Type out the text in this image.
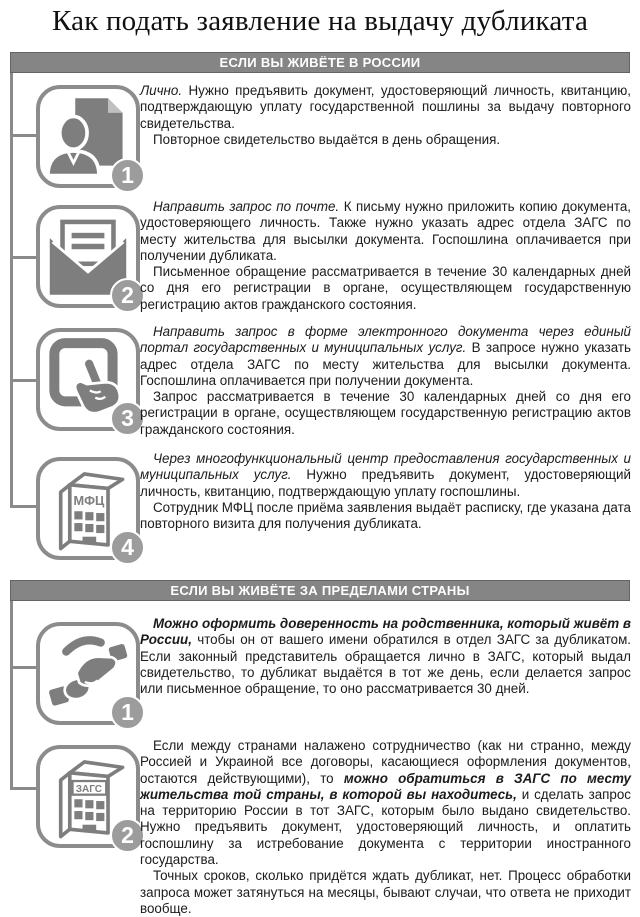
Как подать заявление на выдачу дубликата
ЕСЛИ ВЫ ЖИВЁТЕ В РОССИИ
1

Лично. Нужно предъявить документ, удостоверяющий личность, квитанцию, подтверждающую уплату государственной пошлины за выдачу повторного свидетельства.

Повторное свидетельство выдаётся в день обращения.

2

Направить запрос по почте. К письму нужно приложить копию документа, удостоверяющего личность. Также нужно указать адрес отдела ЗАГС по месту жительства для высылки документа. Госпошлина оплачивается при получении дубликата.

Письменное обращение рассматривается в течение 30 календарных дней со дня его регистрации в органе, осуществляющем государственную регистрацию актов гражданского состояния.

3

Направить запрос в форме электронного документа через единый портал государственных и муниципальных услуг. В запросе нужно указать адрес отдела ЗАГС по месту жительства для высылки документа. Госпошлина оплачивается при получении документа.

Запрос рассматривается в течение 30 календарных дней со дня его регистрации в органе, осуществляющем государственную регистрацию актов гражданского состояния.

МФЦ
4

Через многофункциональный центр предоставления государственных и муниципальных услуг. Нужно предъявить документ, удостоверяющий личность, квитанцию, подтверждающую уплату госпошлины.

Сотрудник МФЦ после приёма заявления выдаёт расписку, где указана дата повторного визита для получения дубликата.

ЕСЛИ ВЫ ЖИВЁТЕ ЗА ПРЕДЕЛАМИ СТРАНЫ
1

Можно оформить доверенность на родственника, который живёт в России, чтобы он от вашего имени обратился в отдел ЗАГС за дубликатом. Если законный представитель обращается лично в ЗАГС, который выдал свидетельство, то дубликат выдаётся в тот же день, если делается запрос или письменное обращение, то оно рассматривается 30 дней.

ЗАГС
2

Если между странами налажено сотрудничество (как ни странно, между Россией и Украиной все договоры, касающиеся оформления документов, остаются действующими), то можно обратиться в ЗАГС по месту жительства той страны, в которой вы находитесь, и сделать запрос на территорию России в тот ЗАГС, которым было выдано свидетельство. Нужно предъявить документ, удостоверяющий личность, и оплатить госпошлину за истребование документа с территории иностранного государства.

Точных сроков, сколько придётся ждать дубликат, нет. Процесс обработки запроса может затянуться на месяцы, бывают случаи, что ответа не приходит вообще.
